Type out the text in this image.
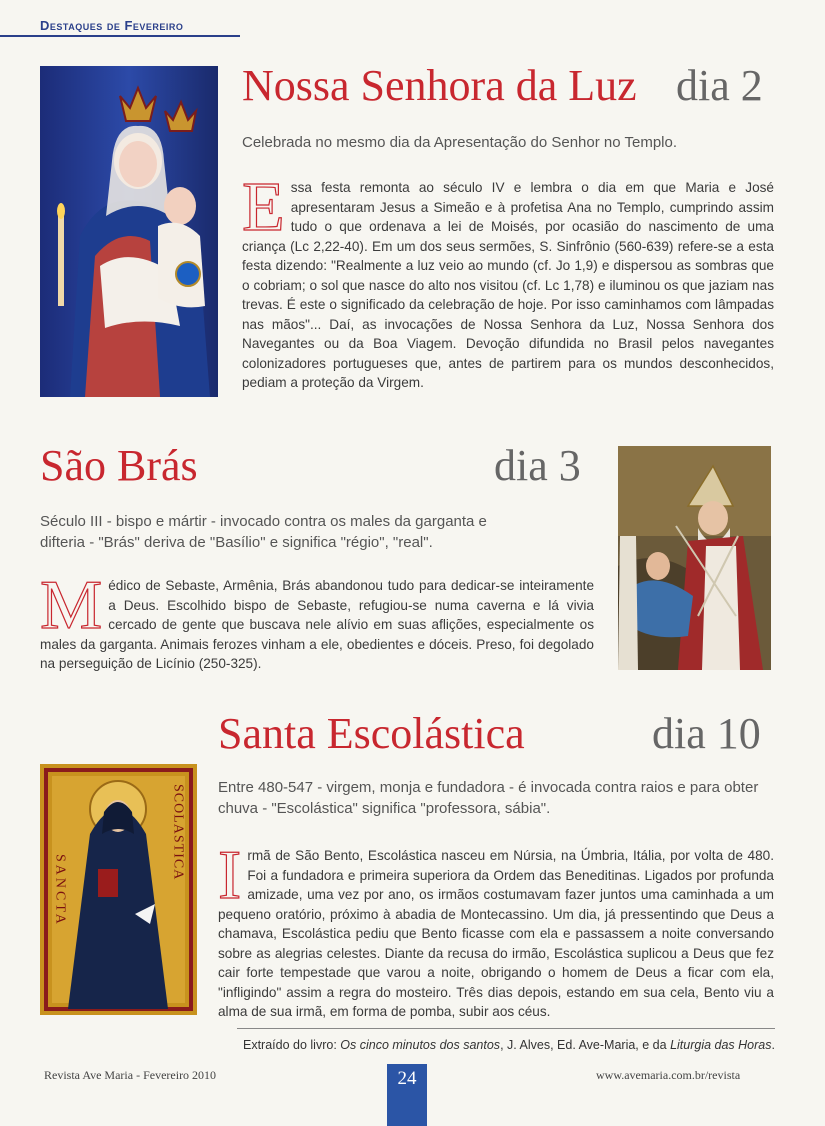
Destaques de Fevereiro
Nossa Senhora da Luz dia 2
Celebrada no mesmo dia da Apresentação do Senhor no Templo.
Essa festa remonta ao século IV e lembra o dia em que Maria e José apresentaram Jesus a Simeão e à profetisa Ana no Templo, cumprindo assim tudo o que ordenava a lei de Moisés, por ocasião do nascimento de uma criança (Lc 2,22-40). Em um dos seus sermões, S. Sinfrônio (560-639) refere-se a esta festa dizendo: "Realmente a luz veio ao mundo (cf. Jo 1,9) e dispersou as sombras que o cobriam; o sol que nasce do alto nos visitou (cf. Lc 1,78) e iluminou os que jaziam nas trevas. É este o significado da celebração de hoje. Por isso caminhamos com lâmpadas nas mãos"... Daí, as invocações de Nossa Senhora da Luz, Nossa Senhora dos Navegantes ou da Boa Viagem. Devoção difundida no Brasil pelos navegantes colonizadores portugueses que, antes de partirem para os mundos desconhecidos, pediam a proteção da Virgem.
São Brás	dia 3
Século III - bispo e mártir - invocado contra os males da garganta e difteria - "Brás" deriva de "Basílio" e significa "régio", "real".
Médico de Sebaste, Armênia, Brás abandonou tudo para dedicar-se inteiramente a Deus. Escolhido bispo de Sebaste, refugiou-se numa caverna e lá vivia cercado de gente que buscava nele alívio em suas aflições, especialmente os males da garganta. Animais ferozes vinham a ele, obedientes e dóceis. Preso, foi degolado na perseguição de Licínio (250-325).
SANCTA
SCOLASTICA
Santa Escolástica	dia 10
Entre 480-547 - virgem, monja e fundadora - é invocada contra raios e para obter chuva - "Escolástica" significa "professora, sábia".
Irmã de São Bento, Escolástica nasceu em Núrsia, na Úmbria, Itália, por volta de 480. Foi a fundadora e primeira superiora da Ordem das Beneditinas. Ligados por profunda amizade, uma vez por ano, os irmãos costumavam fazer juntos uma caminhada a um pequeno oratório, próximo à abadia de Montecassino. Um dia, já pressentindo que Deus a chamava, Escolástica pediu que Bento ficasse com ela e passassem a noite conversando sobre as alegrias celestes. Diante da recusa do irmão, Escolástica suplicou a Deus que fez cair forte tempestade que varou a noite, obrigando o homem de Deus a ficar com ela, "infligindo" assim a regra do mosteiro. Três dias depois, estando em sua cela, Bento viu a alma de sua irmã, em forma de pomba, subir aos céus.
Extraído do livro: Os cinco minutos dos santos, J. Alves, Ed. Ave-Maria, e da Liturgia das Horas.
Revista Ave Maria - Fevereiro 2010	24	www.avemaria.com.br/revista
